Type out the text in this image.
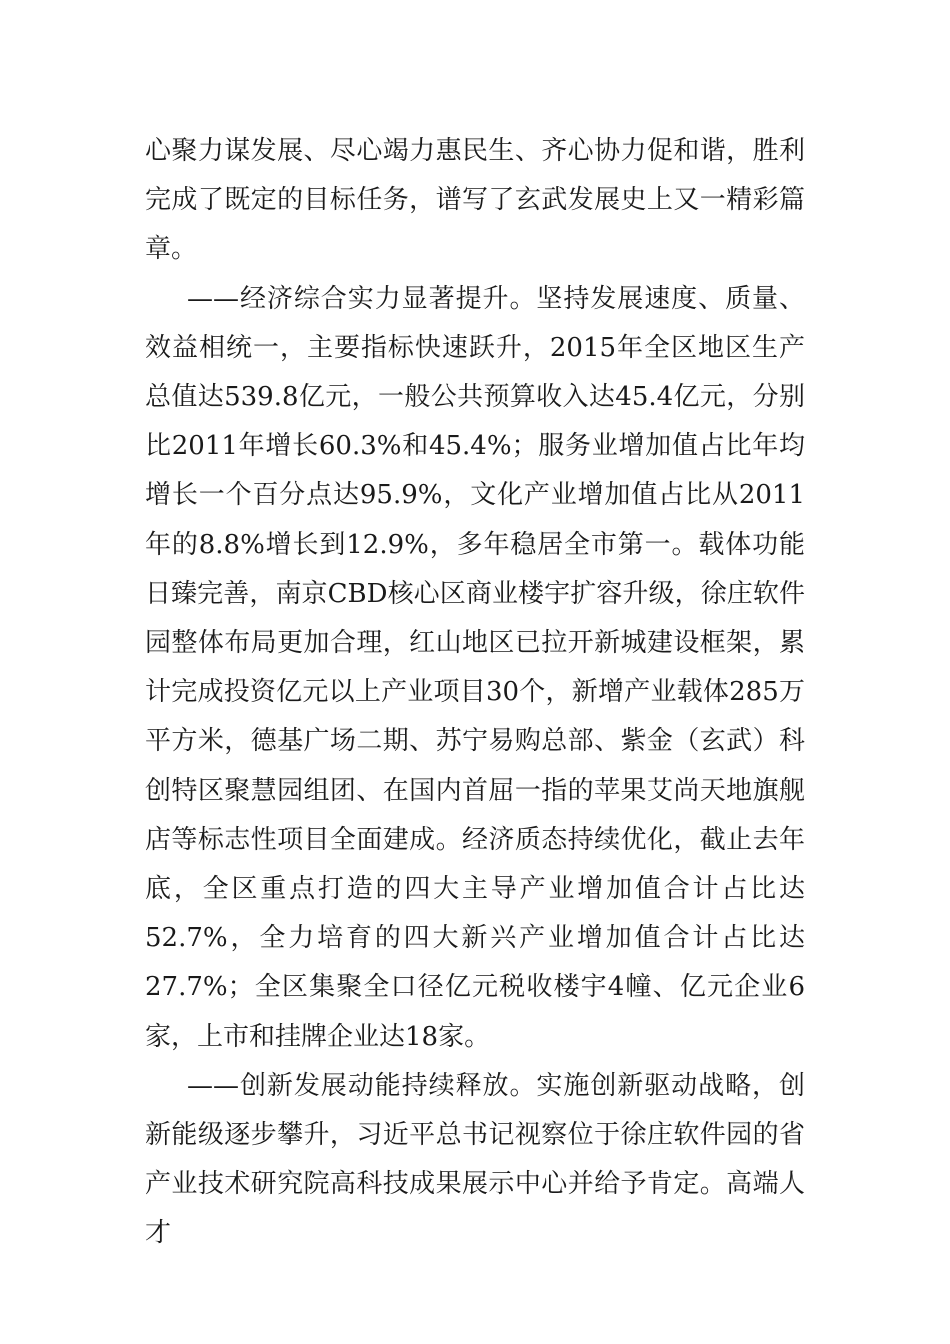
心聚力谋发展、尽心竭力惠民生、齐心协力促和谐，胜利完成了既定的目标任务，谱写了玄武发展史上又一精彩篇章。

——经济综合实力显著提升。坚持发展速度、质量、效益相统一，主要指标快速跃升，2015年全区地区生产总值达539.8亿元，一般公共预算收入达45.4亿元，分别比2011年增长60.3%和45.4%；服务业增加值占比年均增长一个百分点达95.9%，文化产业增加值占比从2011年的8.8%增长到12.9%，多年稳居全市第一。载体功能日臻完善，南京CBD核心区商业楼宇扩容升级，徐庄软件园整体布局更加合理，红山地区已拉开新城建设框架，累计完成投资亿元以上产业项目30个，新增产业载体285万平方米，德基广场二期、苏宁易购总部、紫金（玄武）科创特区聚慧园组团、在国内首屈一指的苹果艾尚天地旗舰店等标志性项目全面建成。经济质态持续优化，截止去年底，全区重点打造的四大主导产业增加值合计占比达52.7%，全力培育的四大新兴产业增加值合计占比达27.7%；全区集聚全口径亿元税收楼宇4幢、亿元企业6家，上市和挂牌企业达18家。

——创新发展动能持续释放。实施创新驱动战略，创新能级逐步攀升，习近平总书记视察位于徐庄软件园的省产业技术研究院高科技成果展示中心并给予肯定。高端人才
